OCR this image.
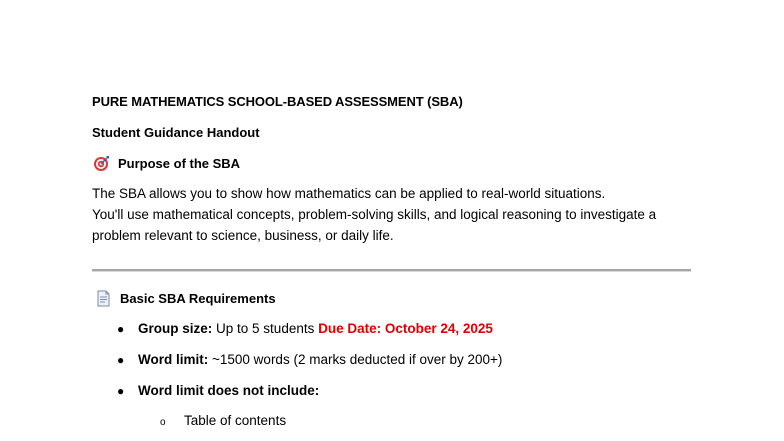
PURE MATHEMATICS SCHOOL-BASED ASSESSMENT (SBA)
Student Guidance Handout
Purpose of the SBA
The SBA allows you to show how mathematics can be applied to real-world situations.
You'll use mathematical concepts, problem-solving skills, and logical reasoning to investigate a
problem relevant to science, business, or daily life.
Basic SBA Requirements
●	Group size:
Up to 5 students
Due Date: October 24, 2025
●	Word limit:
~1500 words (2 marks deducted if over by 200+)
●	Word limit does not include:
o	Table of contents
